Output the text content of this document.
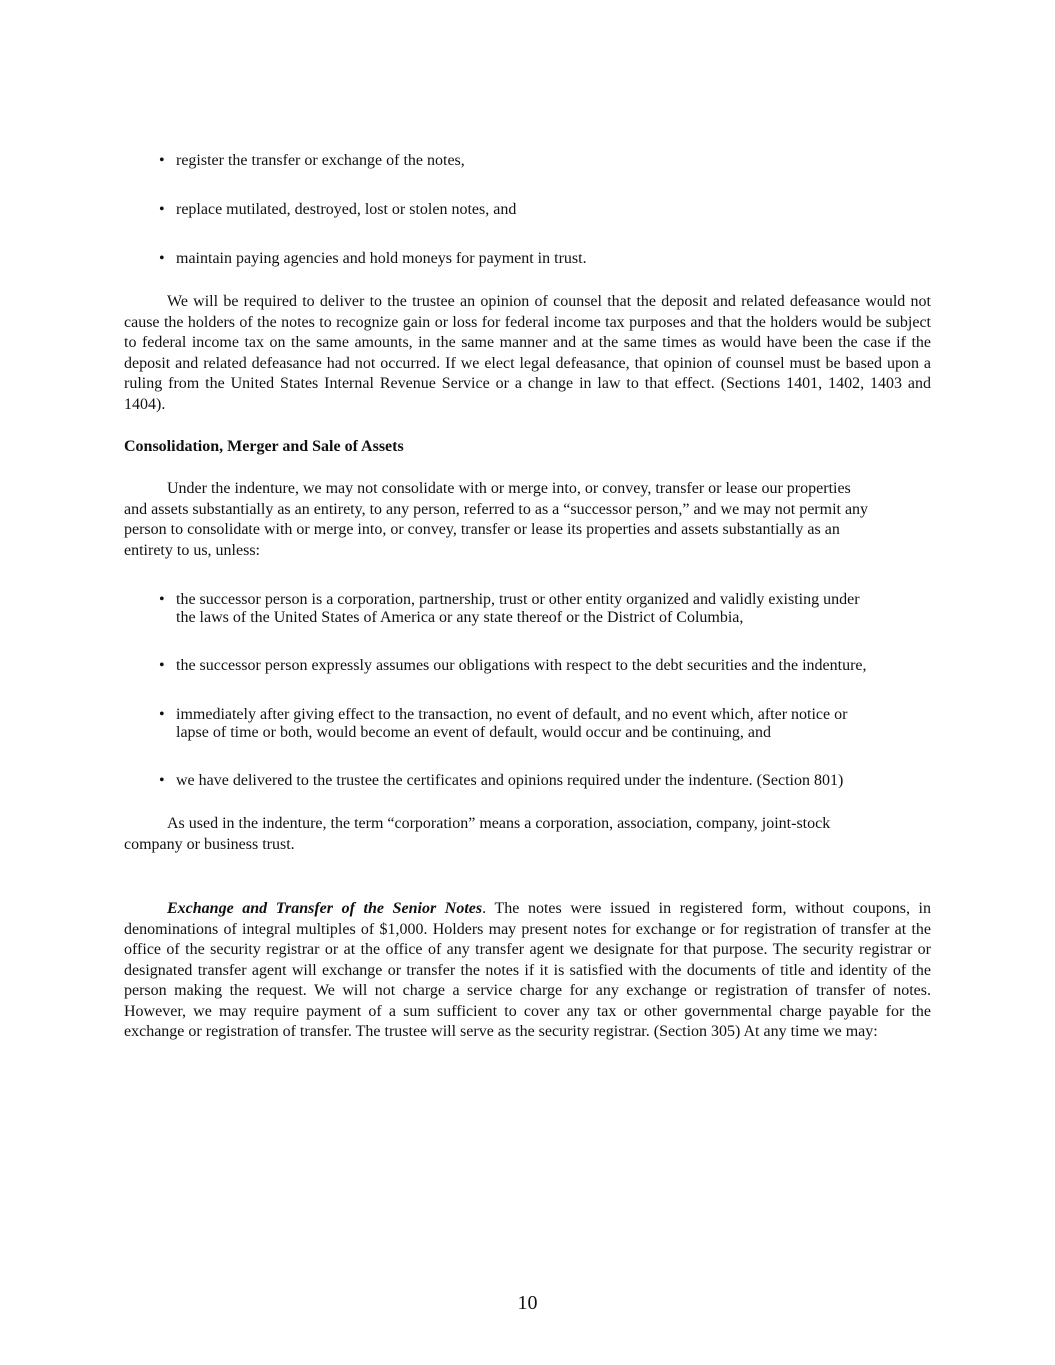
• register the transfer or exchange of the notes,
• replace mutilated, destroyed, lost or stolen notes, and
• maintain paying agencies and hold moneys for payment in trust.
We will be required to deliver to the trustee an opinion of counsel that the deposit and related defeasance would not cause the holders of the notes to recognize gain or loss for federal income tax purposes and that the holders would be subject to federal income tax on the same amounts, in the same manner and at the same times as would have been the case if the deposit and related defeasance had not occurred. If we elect legal defeasance, that opinion of counsel must be based upon a ruling from the United States Internal Revenue Service or a change in law to that effect. (Sections 1401, 1402, 1403 and 1404).
Consolidation, Merger and Sale of Assets
Under the indenture, we may not consolidate with or merge into, or convey, transfer or lease our properties
and assets substantially as an entirety, to any person, referred to as a “successor person,” and we may not permit any
person to consolidate with or merge into, or convey, transfer or lease its properties and assets substantially as an
entirety to us, unless:
• the successor person is a corporation, partnership, trust or other entity organized and validly existing under
the laws of the United States of America or any state thereof or the District of Columbia,
• the successor person expressly assumes our obligations with respect to the debt securities and the indenture,
• immediately after giving effect to the transaction, no event of default, and no event which, after notice or
lapse of time or both, would become an event of default, would occur and be continuing, and
• we have delivered to the trustee the certificates and opinions required under the indenture. (Section 801)
As used in the indenture, the term “corporation” means a corporation, association, company, joint-stock
company or business trust.
Exchange and Transfer of the Senior Notes. The notes were issued in registered form, without coupons, in denominations of integral multiples of $1,000. Holders may present notes for exchange or for registration of transfer at the office of the security registrar or at the office of any transfer agent we designate for that purpose. The security registrar or designated transfer agent will exchange or transfer the notes if it is satisfied with the documents of title and identity of the person making the request. We will not charge a service charge for any exchange or registration of transfer of notes. However, we may require payment of a sum sufficient to cover any tax or other governmental charge payable for the exchange or registration of transfer. The trustee will serve as the security registrar. (Section 305) At any time we may:
10
